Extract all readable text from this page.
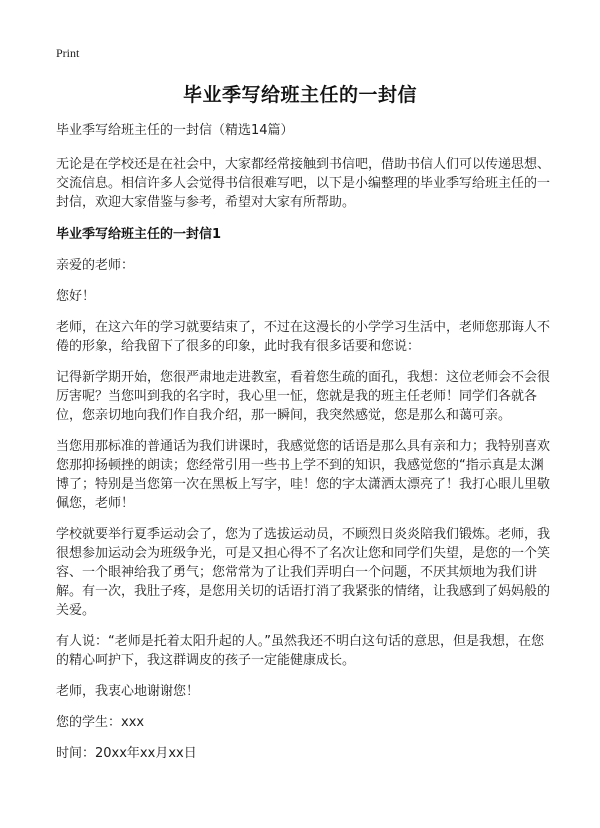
Print
毕业季写给班主任的一封信

毕业季写给班主任的一封信（精选14篇）

无论是在学校还是在社会中，大家都经常接触到书信吧，借助书信人们可以传递思想、交流信息。相信许多人会觉得书信很难写吧，以下是小编整理的毕业季写给班主任的一封信，欢迎大家借鉴与参考，希望对大家有所帮助。

毕业季写给班主任的一封信1

亲爱的老师：

您好！

老师，在这六年的学习就要结束了，不过在这漫长的小学学习生活中，老师您那诲人不倦的形象，给我留下了很多的印象，此时我有很多话要和您说：

记得新学期开始，您很严肃地走进教室，看着您生疏的面孔，我想：这位老师会不会很厉害呢？当您叫到我的名字时，我心里一怔，您就是我的班主任老师！同学们各就各位，您亲切地向我们作自我介绍，那一瞬间，我突然感觉，您是那么和蔼可亲。

当您用那标准的普通话为我们讲课时，我感觉您的话语是那么具有亲和力；我特别喜欢您那抑扬顿挫的朗读；您经常引用一些书上学不到的知识，我感觉您的“指示真是太渊博了；特别是当您第一次在黑板上写字，哇！您的字太潇洒太漂亮了！我打心眼儿里敬佩您，老师！

学校就要举行夏季运动会了，您为了选拔运动员，不顾烈日炎炎陪我们锻炼。老师，我很想参加运动会为班级争光，可是又担心得不了名次让您和同学们失望，是您的一个笑容、一个眼神给我了勇气；您常常为了让我们弄明白一个问题，不厌其烦地为我们讲解。有一次，我肚子疼，是您用关切的话语打消了我紧张的情绪，让我感到了妈妈般的关爱。

有人说：“老师是托着太阳升起的人。”虽然我还不明白这句话的意思，但是我想，在您的精心呵护下，我这群调皮的孩子一定能健康成长。

老师，我衷心地谢谢您！

您的学生：xxx

时间：20xx年xx月xx日
